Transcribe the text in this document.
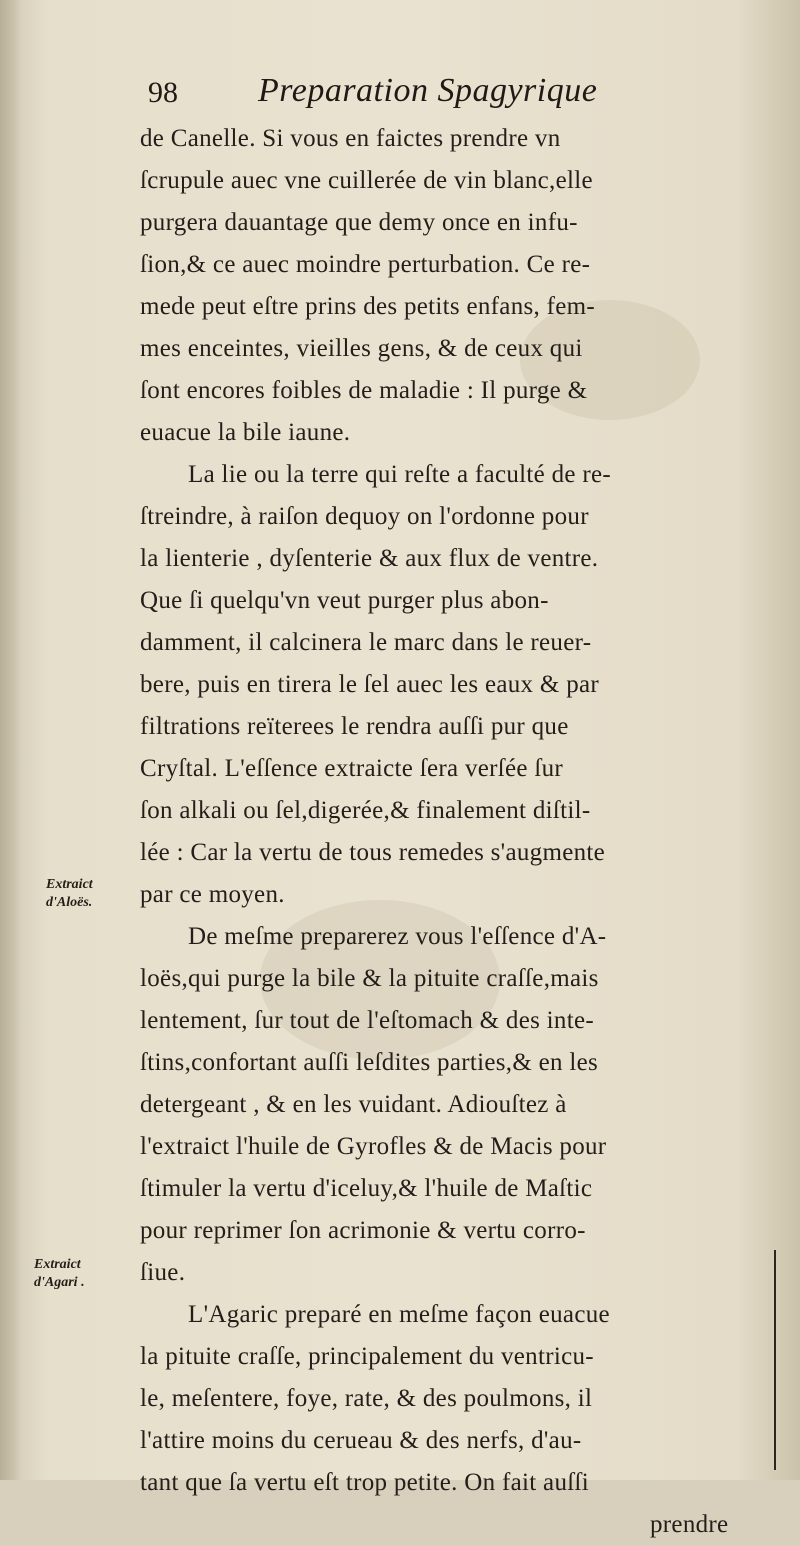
98 Preparation Spagyrique
de Canelle. Si vous en faictes prendre vn
ſcrupule auec vne cuillerée de vin blanc,elle
purgera dauantage que demy once en infu-
ſion,& ce auec moindre perturbation. Ce re-
mede peut eſtre prins des petits enfans, fem-
mes enceintes, vieilles gens, & de ceux qui
ſont encores foibles de maladie : Il purge &
euacue la bile iaune.
La lie ou la terre qui reſte a faculté de re-
ſtreindre, à raiſon dequoy on l'ordonne pour
la lienterie , dyſenterie & aux flux de ventre.
Que ſi quelqu'vn veut purger plus abon-
damment, il calcinera le marc dans le reuer-
bere, puis en tirera le ſel auec les eaux & par
filtrations reïterees le rendra auſſi pur que
Cryſtal. L'eſſence extraicte ſera verſée ſur
ſon alkali ou ſel,digerée,& finalement diſtil-
lée : Car la vertu de tous remedes s'augmente
par ce moyen.
De meſme preparerez vous l'eſſence d'A-
loës,qui purge la bile & la pituite craſſe,mais
lentement, ſur tout de l'eſtomach & des inte-
ſtins,confortant auſſi leſdites parties,& en les
detergeant , & en les vuidant. Adiouſtez à
l'extraict l'huile de Gyrofles & de Macis pour
ſtimuler la vertu d'iceluy,& l'huile de Maſtic
pour reprimer ſon acrimonie & vertu corro-
ſiue.
L'Agaric preparé en meſme façon euacue
la pituite craſſe, principalement du ventricu-
le, meſentere, foye, rate, & des poulmons, il
l'attire moins du cerueau & des nerfs, d'au-
tant que ſa vertu eſt trop petite. On fait auſſi
prendre
Extraict
d'Aloës.
Extraict
d'Agari .
